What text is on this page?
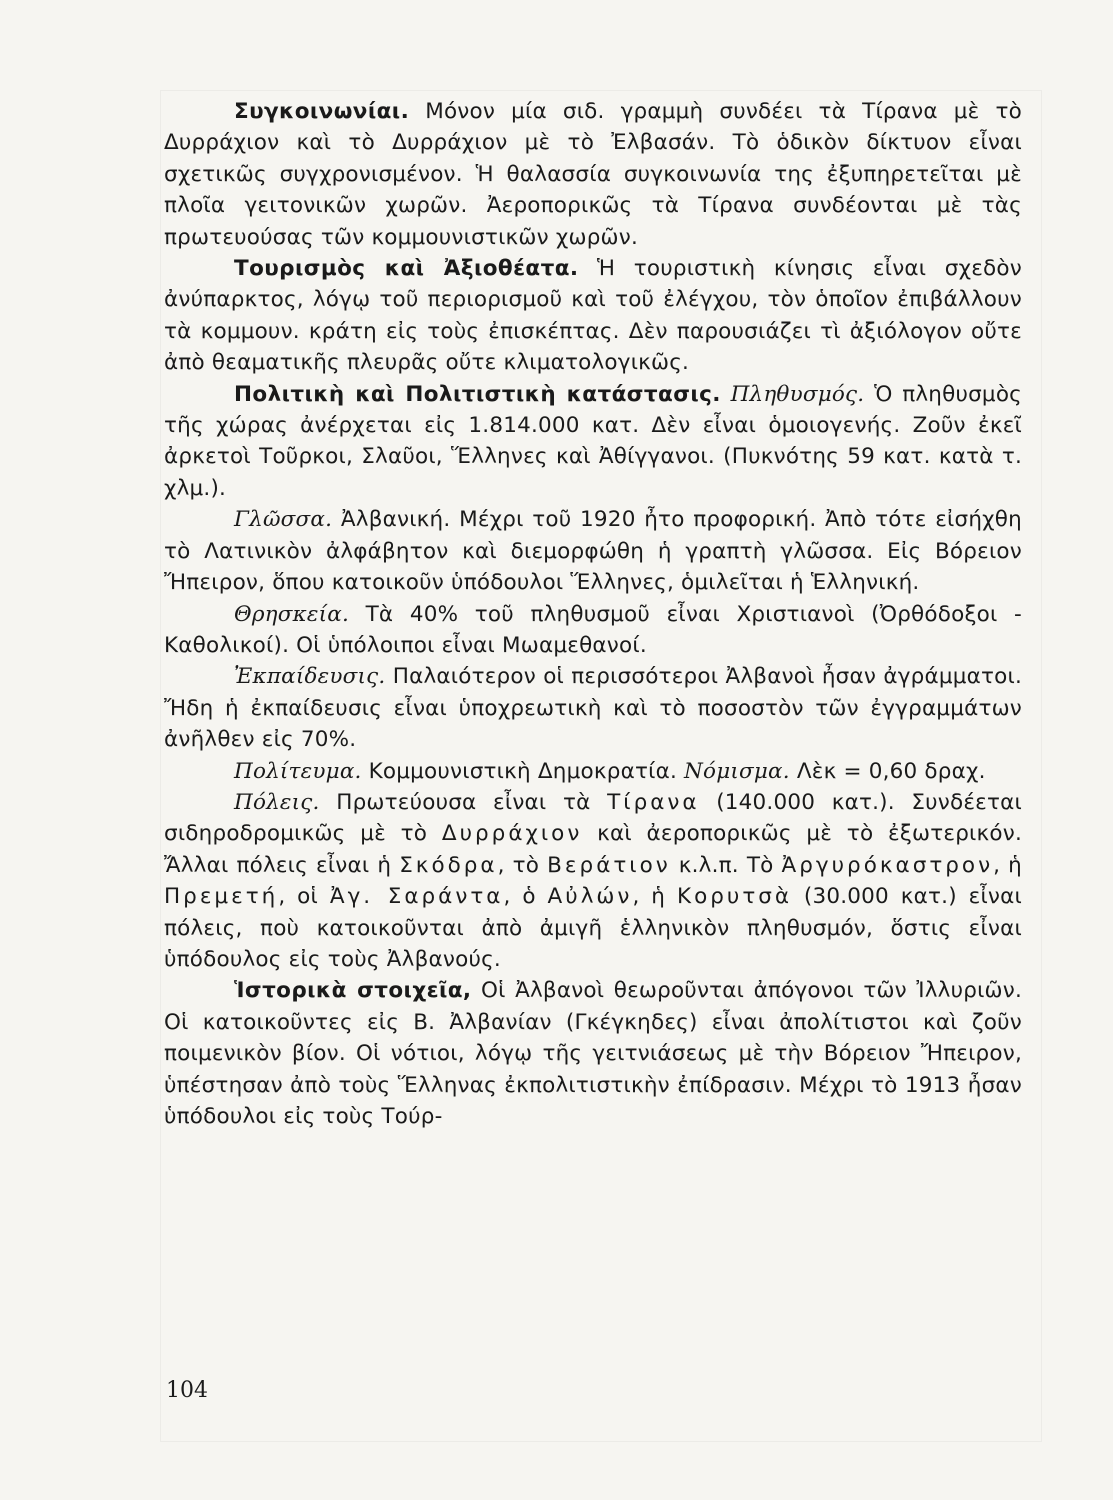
Συγκοινωνίαι. Μόνον μία σιδ. γραμμὴ συνδέει τὰ Τίρανα μὲ τὸ Δυρράχιον καὶ τὸ Δυρράχιον μὲ τὸ Ἐλβασάν. Τὸ ὁδικὸν δίκτυον εἶναι σχετικῶς συγχρονισμένον. Ἡ θαλασσία συγκοινωνία της ἐξυπηρετεῖται μὲ πλοῖα γειτονικῶν χωρῶν. Ἀεροπορικῶς τὰ Τίρανα συνδέονται μὲ τὰς πρωτευούσας τῶν κομμουνιστικῶν χωρῶν.

Τουρισμὸς καὶ Ἀξιοθέατα. Ἡ τουριστικὴ κίνησις εἶναι σχεδὸν ἀνύπαρκτος, λόγῳ τοῦ περιορισμοῦ καὶ τοῦ ἐλέγχου, τὸν ὁποῖον ἐπιβάλλουν τὰ κομμουν. κράτη εἰς τοὺς ἐπισκέπτας. Δὲν παρουσιάζει τὶ ἀξιόλογον οὔτε ἀπὸ θεαματικῆς πλευρᾶς οὔτε κλιματολογικῶς.

Πολιτικὴ καὶ Πολιτιστικὴ κατάστασις. Πληθυσμός. Ὁ πληθυσμὸς τῆς χώρας ἀνέρχεται εἰς 1.814.000 κατ. Δὲν εἶναι ὁμοιογενής. Ζοῦν ἐκεῖ ἀρκετοὶ Τοῦρκοι, Σλαῦοι, Ἕλληνες καὶ Ἀθίγγανοι. (Πυκνότης 59 κατ. κατὰ τ. χλμ.).

Γλῶσσα. Ἀλβανική. Μέχρι τοῦ 1920 ἦτο προφορική. Ἀπὸ τότε εἰσήχθη τὸ Λατινικὸν ἀλφάβητον καὶ διεμορφώθη ἡ γραπτὴ γλῶσσα. Εἰς Βόρειον Ἤπειρον, ὅπου κατοικοῦν ὑπόδουλοι Ἕλληνες, ὁμιλεῖται ἡ Ἑλληνική.

Θρησκεία. Τὰ 40% τοῦ πληθυσμοῦ εἶναι Χριστιανοὶ (Ὀρθόδοξοι - Καθολικοί). Οἱ ὑπόλοιποι εἶναι Μωαμεθανοί.

Ἐκπαίδευσις. Παλαιότερον οἱ περισσότεροι Ἀλβανοὶ ἦσαν ἀγράμματοι. Ἤδη ἡ ἐκπαίδευσις εἶναι ὑποχρεωτικὴ καὶ τὸ ποσοστὸν τῶν ἐγγραμμάτων ἀνῆλθεν εἰς 70%.

Πολίτευμα. Κομμουνιστικὴ Δημοκρατία. Νόμισμα. Λὲκ = 0,60 δραχ.

Πόλεις. Πρωτεύουσα εἶναι τὰ Τίρανα (140.000 κατ.). Συνδέεται σιδηροδρομικῶς μὲ τὸ Δυρράχιον καὶ ἀεροπορικῶς μὲ τὸ ἐξωτερικόν. Ἄλλαι πόλεις εἶναι ἡ Σκόδρα, τὸ Βεράτιον κ.λ.π. Τὸ Ἀργυρόκαστρον, ἡ Πρεμετή, οἱ Ἀγ. Σαράντα, ὁ Αὐλών, ἡ Κορυτσὰ (30.000 κατ.) εἶναι πόλεις, ποὺ κατοικοῦνται ἀπὸ ἀμιγῆ ἑλληνικὸν πληθυσμόν, ὅστις εἶναι ὑπόδουλος εἰς τοὺς Ἀλβανούς.

Ἱστορικὰ στοιχεῖα, Οἱ Ἀλβανοὶ θεωροῦνται ἀπόγονοι τῶν Ἰλλυριῶν. Οἱ κατοικοῦντες εἰς Β. Ἀλβανίαν (Γκέγκηδες) εἶναι ἀπολίτιστοι καὶ ζοῦν ποιμενικὸν βίον. Οἱ νότιοι, λόγῳ τῆς γειτνιάσεως μὲ τὴν Βόρειον Ἤπειρον, ὑπέστησαν ἀπὸ τοὺς Ἕλληνας ἐκπολιτιστικὴν ἐπίδρασιν. Μέχρι τὸ 1913 ἦσαν ὑπόδουλοι εἰς τοὺς Τούρ-

104
